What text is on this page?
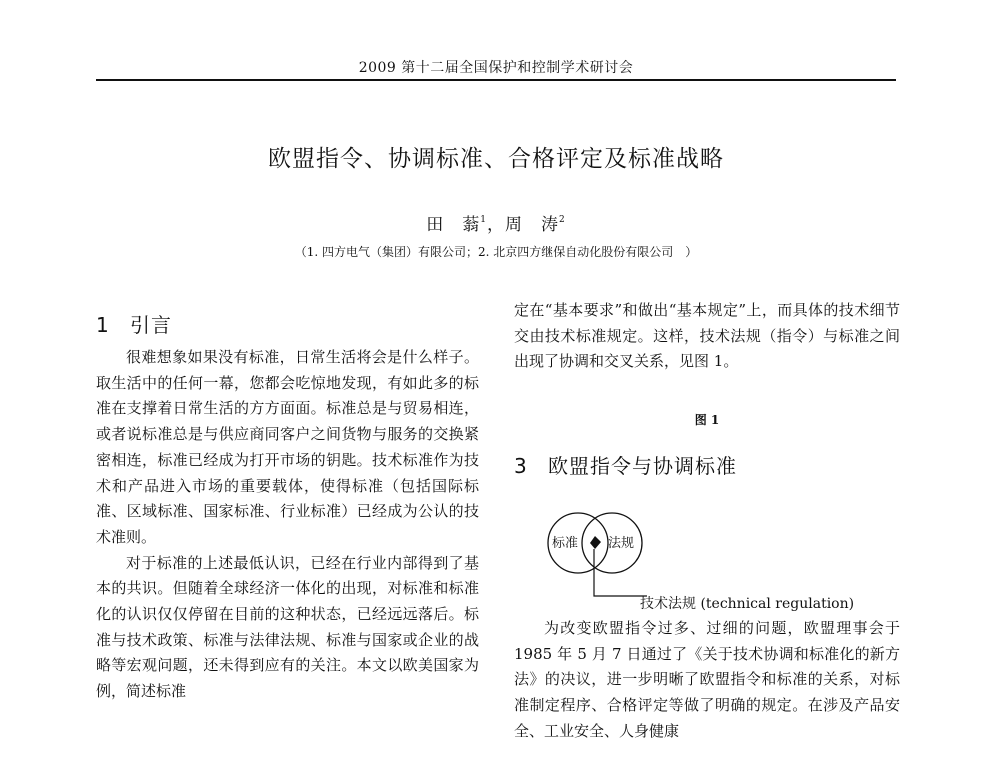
2009 第十二届全国保护和控制学术研讨会
欧盟指令、协调标准、合格评定及标准战略
田　蓊$^1$，周　涛$^2$
（1. 四方电气（集团）有限公司；2. 北京四方继保自动化股份有限公司　）
1 引言

很难想象如果没有标准，日常生活将会是什么样子。取生活中的任何一幕，您都会吃惊地发现，有如此多的标准在支撑着日常生活的方方面面。标准总是与贸易相连，或者说标准总是与供应商同客户之间货物与服务的交换紧密相连，标准已经成为打开市场的钥匙。技术标准作为技术和产品进入市场的重要载体，使得标准（包括国际标准、区域标准、国家标准、行业标准）已经成为公认的技术准则。

对于标准的上述最低认识，已经在行业内部得到了基本的共识。但随着全球经济一体化的出现，对标准和标准化的认识仅仅停留在目前的这种状态，已经远远落后。标准与技术政策、标准与法律法规、标准与国家或企业的战略等宏观问题，还未得到应有的关注。本文以欧美国家为例，简述标准

定在“基本要求”和做出“基本规定”上，而具体的技术细节交由技术标准规定。这样，技术法规（指令）与标准之间出现了协调和交叉关系，见图 1。

图 1
3 欧盟指令与协调标准
标准 法规
技术法规 (technical regulation)

为改变欧盟指令过多、过细的问题，欧盟理事会于 1985 年 5 月 7 日通过了《关于技术协调和标准化的新方法》的决议，进一步明晰了欧盟指令和标准的关系，对标准制定程序、合格评定等做了明确的规定。在涉及产品安全、工业安全、人身健康
